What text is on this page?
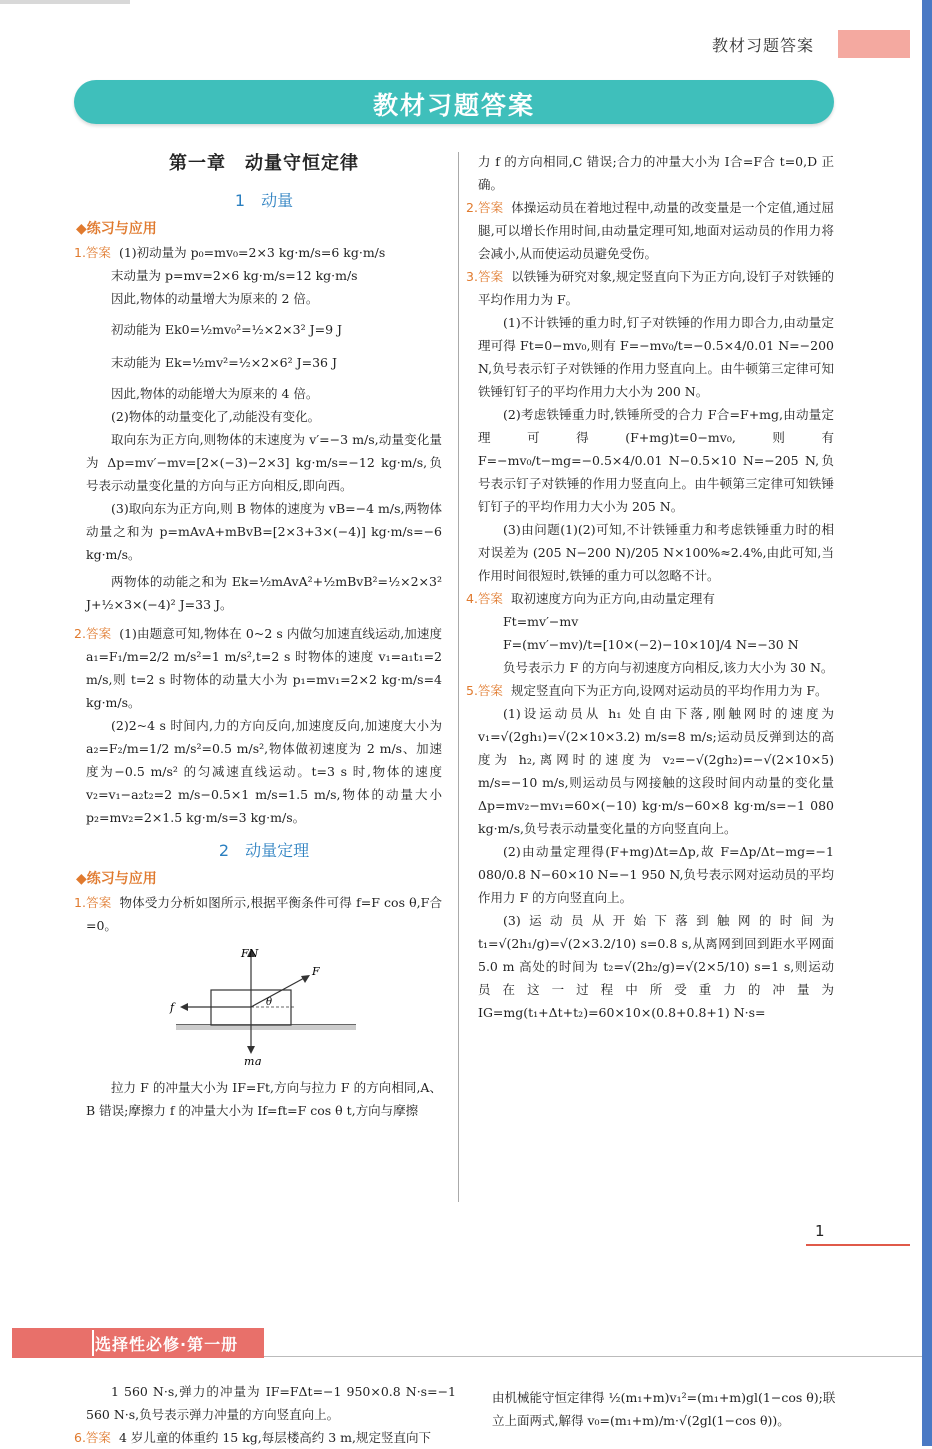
教材习题答案
教材习题答案
第一章　动量守恒定律
1　动量
◆练习与应用

1.答案 (1)初动量为 p₀=mv₀=2×3 kg·m/s=6 kg·m/s

末动量为 p=mv=2×6 kg·m/s=12 kg·m/s

因此,物体的动量增大为原来的 2 倍。

初动能为 Ek0=½mv₀²=½×2×3² J=9 J

末动能为 Ek=½mv²=½×2×6² J=36 J

因此,物体的动能增大为原来的 4 倍。

(2)物体的动量变化了,动能没有变化。

取向东为正方向,则物体的末速度为 v′=−3 m/s,动量变化量为 Δp=mv′−mv=[2×(−3)−2×3] kg·m/s=−12 kg·m/s,负号表示动量变化量的方向与正方向相反,即向西。

(3)取向东为正方向,则 B 物体的速度为 vB=−4 m/s,两物体动量之和为 p=mAvA+mBvB=[2×3+3×(−4)] kg·m/s=−6 kg·m/s。

两物体的动能之和为 Ek=½mAvA²+½mBvB²=½×2×3² J+½×3×(−4)² J=33 J。

2.答案 (1)由题意可知,物体在 0~2 s 内做匀加速直线运动,加速度 a₁=F₁/m=2/2 m/s²=1 m/s²,t=2 s 时物体的速度 v₁=a₁t₁=2 m/s,则 t=2 s 时物体的动量大小为 p₁=mv₁=2×2 kg·m/s=4 kg·m/s。

(2)2~4 s 时间内,力的方向反向,加速度反向,加速度大小为 a₂=F₂/m=1/2 m/s²=0.5 m/s²,物体做初速度为 2 m/s、加速度为−0.5 m/s² 的匀减速直线运动。t=3 s 时,物体的速度 v₂=v₁−a₂t₂=2 m/s−0.5×1 m/s=1.5 m/s,物体的动量大小 p₂=mv₂=2×1.5 kg·m/s=3 kg·m/s。

2　动量定理
◆练习与应用

1.答案 物体受力分析如图所示,根据平衡条件可得 f=F cos θ,F合=0。

FN
F
f
mg
θ

拉力 F 的冲量大小为 IF=Ft,方向与拉力 F 的方向相同,A、B 错误;摩擦力 f 的冲量大小为 If=ft=F cos θ t,方向与摩擦

力 f 的方向相同,C 错误;合力的冲量大小为 I合=F合 t=0,D 正确。

2.答案 体操运动员在着地过程中,动量的改变量是一个定值,通过屈腿,可以增长作用时间,由动量定理可知,地面对运动员的作用力将会减小,从而使运动员避免受伤。

3.答案 以铁锤为研究对象,规定竖直向下为正方向,设钉子对铁锤的平均作用力为 F。

(1)不计铁锤的重力时,钉子对铁锤的作用力即合力,由动量定理可得 Ft=0−mv₀,则有 F=−mv₀/t=−0.5×4/0.01 N=−200 N,负号表示钉子对铁锤的作用力竖直向上。由牛顿第三定律可知铁锤钉钉子的平均作用力大小为 200 N。

(2)考虑铁锤重力时,铁锤所受的合力 F合=F+mg,由动量定理可得(F+mg)t=0−mv₀,则有 F=−mv₀/t−mg=−0.5×4/0.01 N−0.5×10 N=−205 N,负号表示钉子对铁锤的作用力竖直向上。由牛顿第三定律可知铁锤钉钉子的平均作用力大小为 205 N。

(3)由问题(1)(2)可知,不计铁锤重力和考虑铁锤重力时的相对误差为 (205 N−200 N)/205 N×100%≈2.4%,由此可知,当作用时间很短时,铁锤的重力可以忽略不计。

4.答案 取初速度方向为正方向,由动量定理有

Ft=mv′−mv

F=(mv′−mv)/t=[10×(−2)−10×10]/4 N=−30 N

负号表示力 F 的方向与初速度方向相反,该力大小为 30 N。

5.答案 规定竖直向下为正方向,设网对运动员的平均作用力为 F。

(1)设运动员从 h₁ 处自由下落,刚触网时的速度为 v₁=√(2gh₁)=√(2×10×3.2) m/s=8 m/s;运动员反弹到达的高度为 h₂,离网时的速度为 v₂=−√(2gh₂)=−√(2×10×5) m/s=−10 m/s,则运动员与网接触的这段时间内动量的变化量 Δp=mv₂−mv₁=60×(−10) kg·m/s−60×8 kg·m/s=−1 080 kg·m/s,负号表示动量变化量的方向竖直向上。

(2)由动量定理得(F+mg)Δt=Δp,故 F=Δp/Δt−mg=−1 080/0.8 N−60×10 N=−1 950 N,负号表示网对运动员的平均作用力 F 的方向竖直向上。

(3)运动员从开始下落到触网的时间为 t₁=√(2h₁/g)=√(2×3.2/10) s=0.8 s,从离网到回到距水平网面 5.0 m 高处的时间为 t₂=√(2h₂/g)=√(2×5/10) s=1 s,则运动员在这一过程中所受重力的冲量为 IG=mg(t₁+Δt+t₂)=60×10×(0.8+0.8+1) N·s=

1
选择性必修·第一册

1 560 N·s,弹力的冲量为 IF=FΔt=−1 950×0.8 N·s=−1 560 N·s,负号表示弹力冲量的方向竖直向上。

6.答案 4 岁儿童的体重约 15 kg,每层楼高约 3 m,规定竖直向下

由机械能守恒定律得 ½(m₁+m)v₁²=(m₁+m)gl(1−cos θ);联

立上面两式,解得 v₀=(m₁+m)/m·√(2gl(1−cos θ))。
